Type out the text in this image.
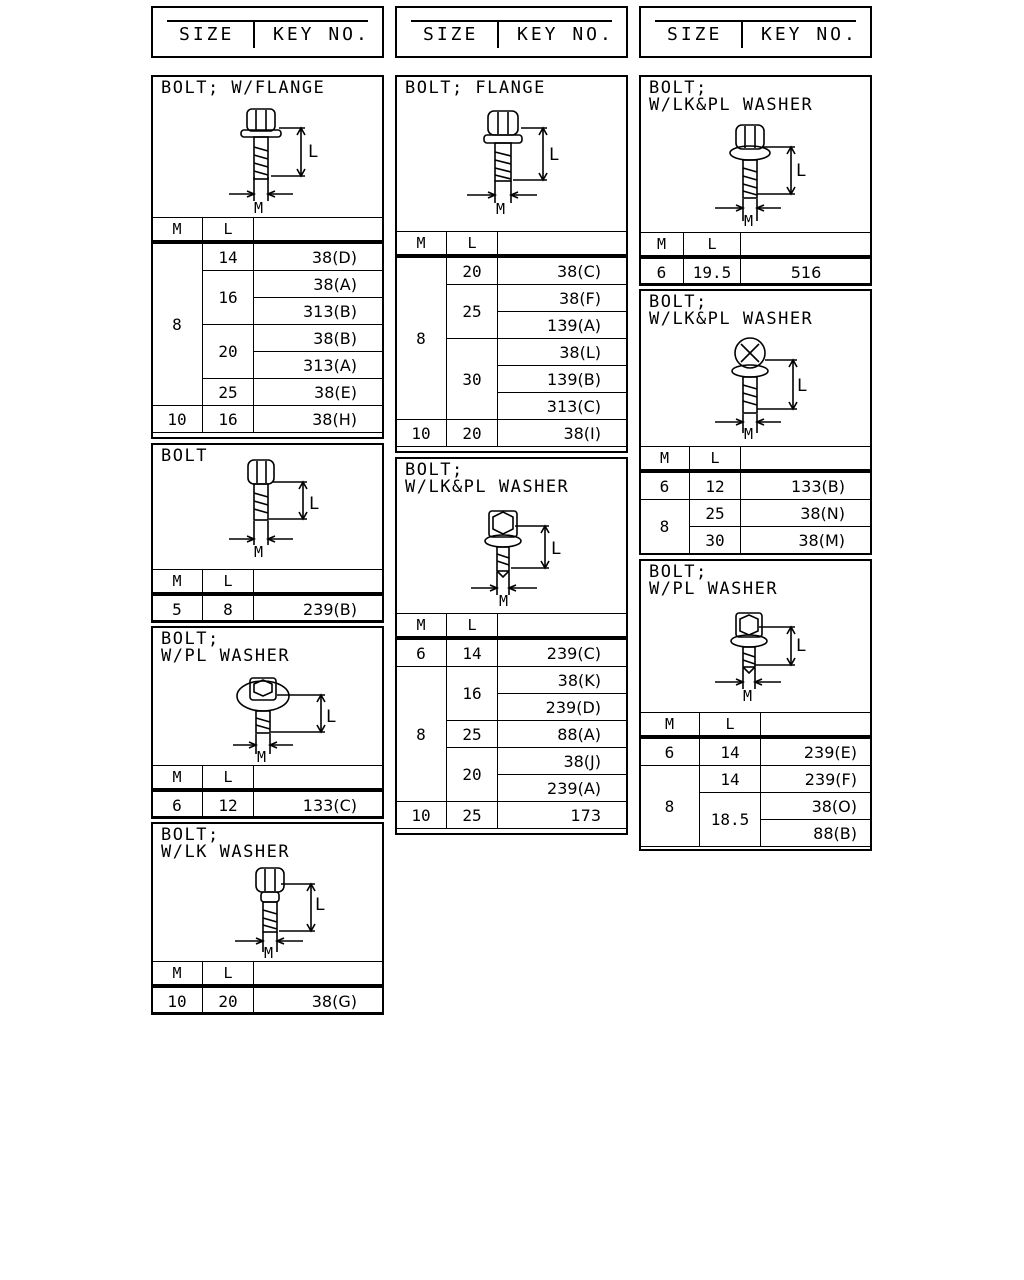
SIZE KEY NO.	SIZE KEY NO.	SIZE KEY NO.
BOLT; W/FLANGE
M
L
M	L	
8	14	38(D)
	16	38(A)
		313(B)
	20	38(B)
		313(A)
	25	38(E)
10	16	38(H)
BOLT
M
L
M	L	
5	8	239(B)
BOLT;
W/PL WASHER
M
L
M	L	
6	12	133(C)
BOLT;
W/LK WASHER
M
L
M	L	
10	20	38(G)
BOLT; FLANGE
M
L
M	L	
8	20	38(C)
	25	38(F)
		139(A)
	30	38(L)
		139(B)
		313(C)
10	20	38(I)
BOLT;
W/LK&PL WASHER
M
L
M	L	
6	14	239(C)
8	16	38(K)
		239(D)
	25	88(A)
	20	38(J)
		239(A)
10	25	173
BOLT;
W/LK&PL WASHER
M
L
M	L	
6	19.5	516
BOLT;
W/LK&PL WASHER
M
L
M	L	
6	12	133(B)
8	25	38(N)
	30	38(M)
BOLT;
W/PL WASHER
M
L
M	L	
6	14	239(E)
8	14	239(F)
	18.5	38(O)
		88(B)
